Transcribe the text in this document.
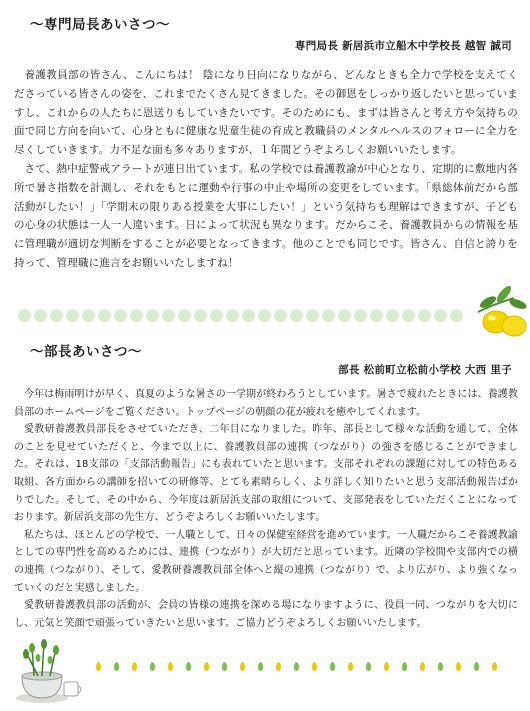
～専門局長あいさつ～
専門局長 新居浜市立船木中学校長 越智 誠司

養護教員部の皆さん、こんにちは！ 陰になり日向になりながら、どんなときも全力で学校を支えてくださっている皆さんの姿を、これまでたくさん見てきました。その御恩をしっかり返したいと思っていますし、これからの人たちに恩送りもしていきたいです。そのためにも、まずは皆さんと考え方や気持ちの面で同じ方向を向いて、心身ともに健康な児童生徒の育成と教職員のメンタルヘルスのフォローに全力を尽くしていきます。力不足な面も多々ありますが、１年間どうぞよろしくお願いいたします。

さて、熱中症警戒アラートが連日出ています。私の学校では養護教諭が中心となり、定期的に敷地内各所で暑さ指数を計測し、それをもとに運動や行事の中止や場所の変更をしています。「県総体前だから部活動がしたい！」「学期末の限りある授業を大事にしたい！」という気持ちも理解はできますが、子どもの心身の状態は一人一人違います。日によって状況も異なります。だからこそ、養護教員からの情報を基に管理職が適切な判断をすることが必要となってきます。他のことでも同じです。皆さん、自信と誇りを持って、管理職に進言をお願いいたしますね！

～部長あいさつ～
部長 松前町立松前小学校 大西 里子

今年は梅雨明けが早く、真夏のような暑さの一学期が終わろうとしています。暑さで疲れたときには、養護教員部のホームページをご覧ください。トップページの朝顔の花が疲れを癒やしてくれます。

愛教研養護教員部長をさせていただき、二年目になりました。昨年、部長として様々な活動を通して、全体のことを見せていただくと、今まで以上に、養護教員部の連携（つながり）の強さを感じることができました。それは、18支部の「支部活動報告」にも表れていたと思います。支部それぞれの課題に対しての特色ある取組、各方面からの講師を招いての研修等、とても素晴らしく、より詳しく知りたいと思う支部活動報告ばかりでした。そして、その中から、今年度は新居浜支部の取組について、支部発表をしていただくことになっております。新居浜支部の先生方、どうぞよろしくお願いいたします。

私たちは、ほとんどの学校で、一人職として、日々の保健室経営を進めています。一人職だからこそ養護教諭としての専門性を高めるためには、連携（つながり）が大切だと思っています。近隣の学校間や支部内での横の連携（つながり）、そして、愛教研養護教員部全体へと縦の連携（つながり）で、より広がり、より強くなっていくのだと実感しました。

愛教研養護教員部の活動が、会員の皆様の連携を深める場になりますように、役員一同、つながりを大切にし、元気と笑顔で頑張っていきたいと思います。ご協力どうぞよろしくお願いいたします。
